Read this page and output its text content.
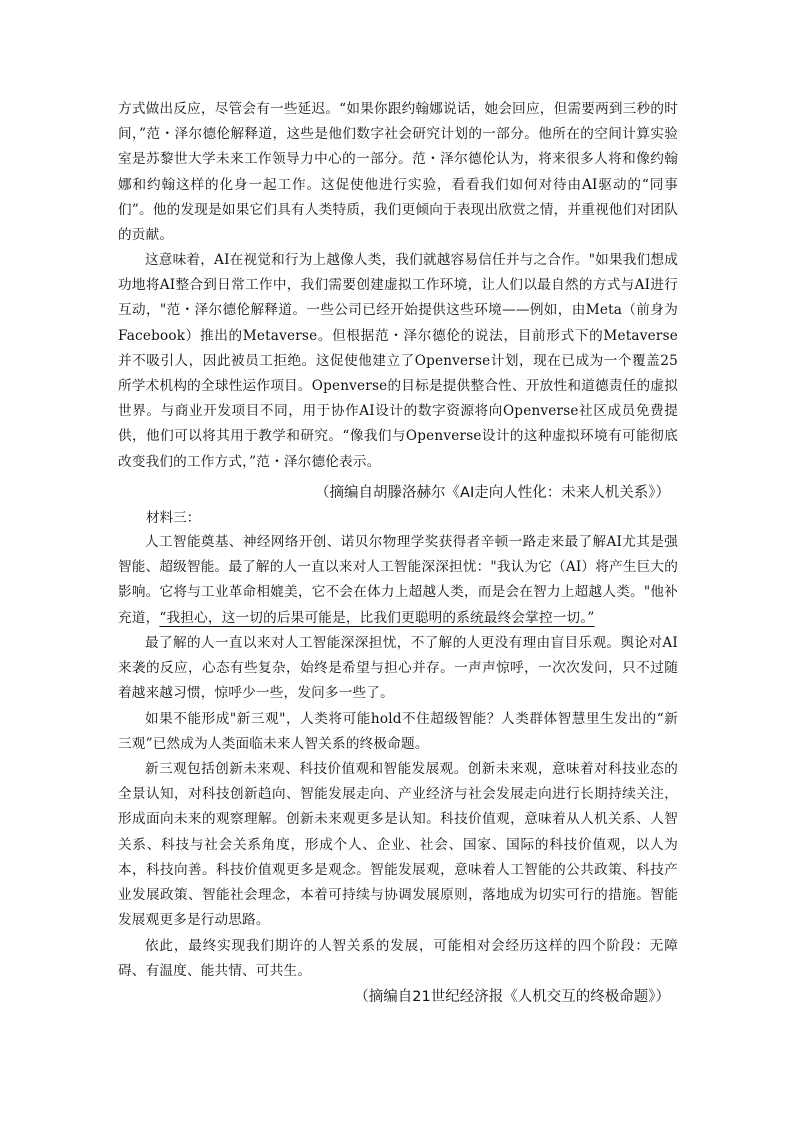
方式做出反应，尽管会有一些延迟。“如果你跟约翰娜说话，她会回应，但需要两到三秒的时间，”范・泽尔德伦解释道，这些是他们数字社会研究计划的一部分。他所在的空间计算实验室是苏黎世大学未来工作领导力中心的一部分。范・泽尔德伦认为，将来很多人将和像约翰娜和约翰这样的化身一起工作。这促使他进行实验，看看我们如何对待由AI驱动的“同事们”。他的发现是如果它们具有人类特质，我们更倾向于表现出欣赏之情，并重视他们对团队的贡献。
这意味着，AI在视觉和行为上越像人类，我们就越容易信任并与之合作。"如果我们想成功地将AI整合到日常工作中，我们需要创建虚拟工作环境，让人们以最自然的方式与AI进行互动，"范・泽尔德伦解释道。一些公司已经开始提供这些环境——例如，由Meta（前身为Facebook）推出的Metaverse。但根据范・泽尔德伦的说法，目前形式下的Metaverse并不吸引人，因此被员工拒绝。这促使他建立了Openverse计划，现在已成为一个覆盖25所学术机构的全球性运作项目。Openverse的目标是提供整合性、开放性和道德责任的虚拟世界。与商业开发项目不同，用于协作AI设计的数字资源将向Openverse社区成员免费提供，他们可以将其用于教学和研究。“像我们与Openverse设计的这种虚拟环境有可能彻底改变我们的工作方式，”范・泽尔德伦表示。
（摘编自胡滕洛赫尔《AI走向人性化：未来人机关系》）
材料三：
人工智能奠基、神经网络开创、诺贝尔物理学奖获得者辛顿一路走来最了解AI尤其是强智能、超级智能。最了解的人一直以来对人工智能深深担忧："我认为它（AI）将产生巨大的影响。它将与工业革命相媲美，它不会在体力上超越人类，而是会在智力上超越人类。"他补充道，“我担心，这一切的后果可能是，比我们更聪明的系统最终会掌控一切。”
最了解的人一直以来对人工智能深深担忧，不了解的人更没有理由盲目乐观。舆论对AI来袭的反应，心态有些复杂，始终是希望与担心并存。一声声惊呼，一次次发问，只不过随着越来越习惯，惊呼少一些，发问多一些了。
如果不能形成"新三观"，人类将可能hold不住超级智能？人类群体智慧里生发出的“新三观”已然成为人类面临未来人智关系的终极命题。
新三观包括创新未来观、科技价值观和智能发展观。创新未来观，意味着对科技业态的全景认知，对科技创新趋向、智能发展走向、产业经济与社会发展走向进行长期持续关注，形成面向未来的观察理解。创新未来观更多是认知。科技价值观，意味着从人机关系、人智关系、科技与社会关系角度，形成个人、企业、社会、国家、国际的科技价值观，以人为本，科技向善。科技价值观更多是观念。智能发展观，意味着人工智能的公共政策、科技产业发展政策、智能社会理念，本着可持续与协调发展原则，落地成为切实可行的措施。智能发展观更多是行动思路。
依此，最终实现我们期许的人智关系的发展，可能相对会经历这样的四个阶段：无障碍、有温度、能共情、可共生。
（摘编自21世纪经济报《人机交互的终极命题》）
